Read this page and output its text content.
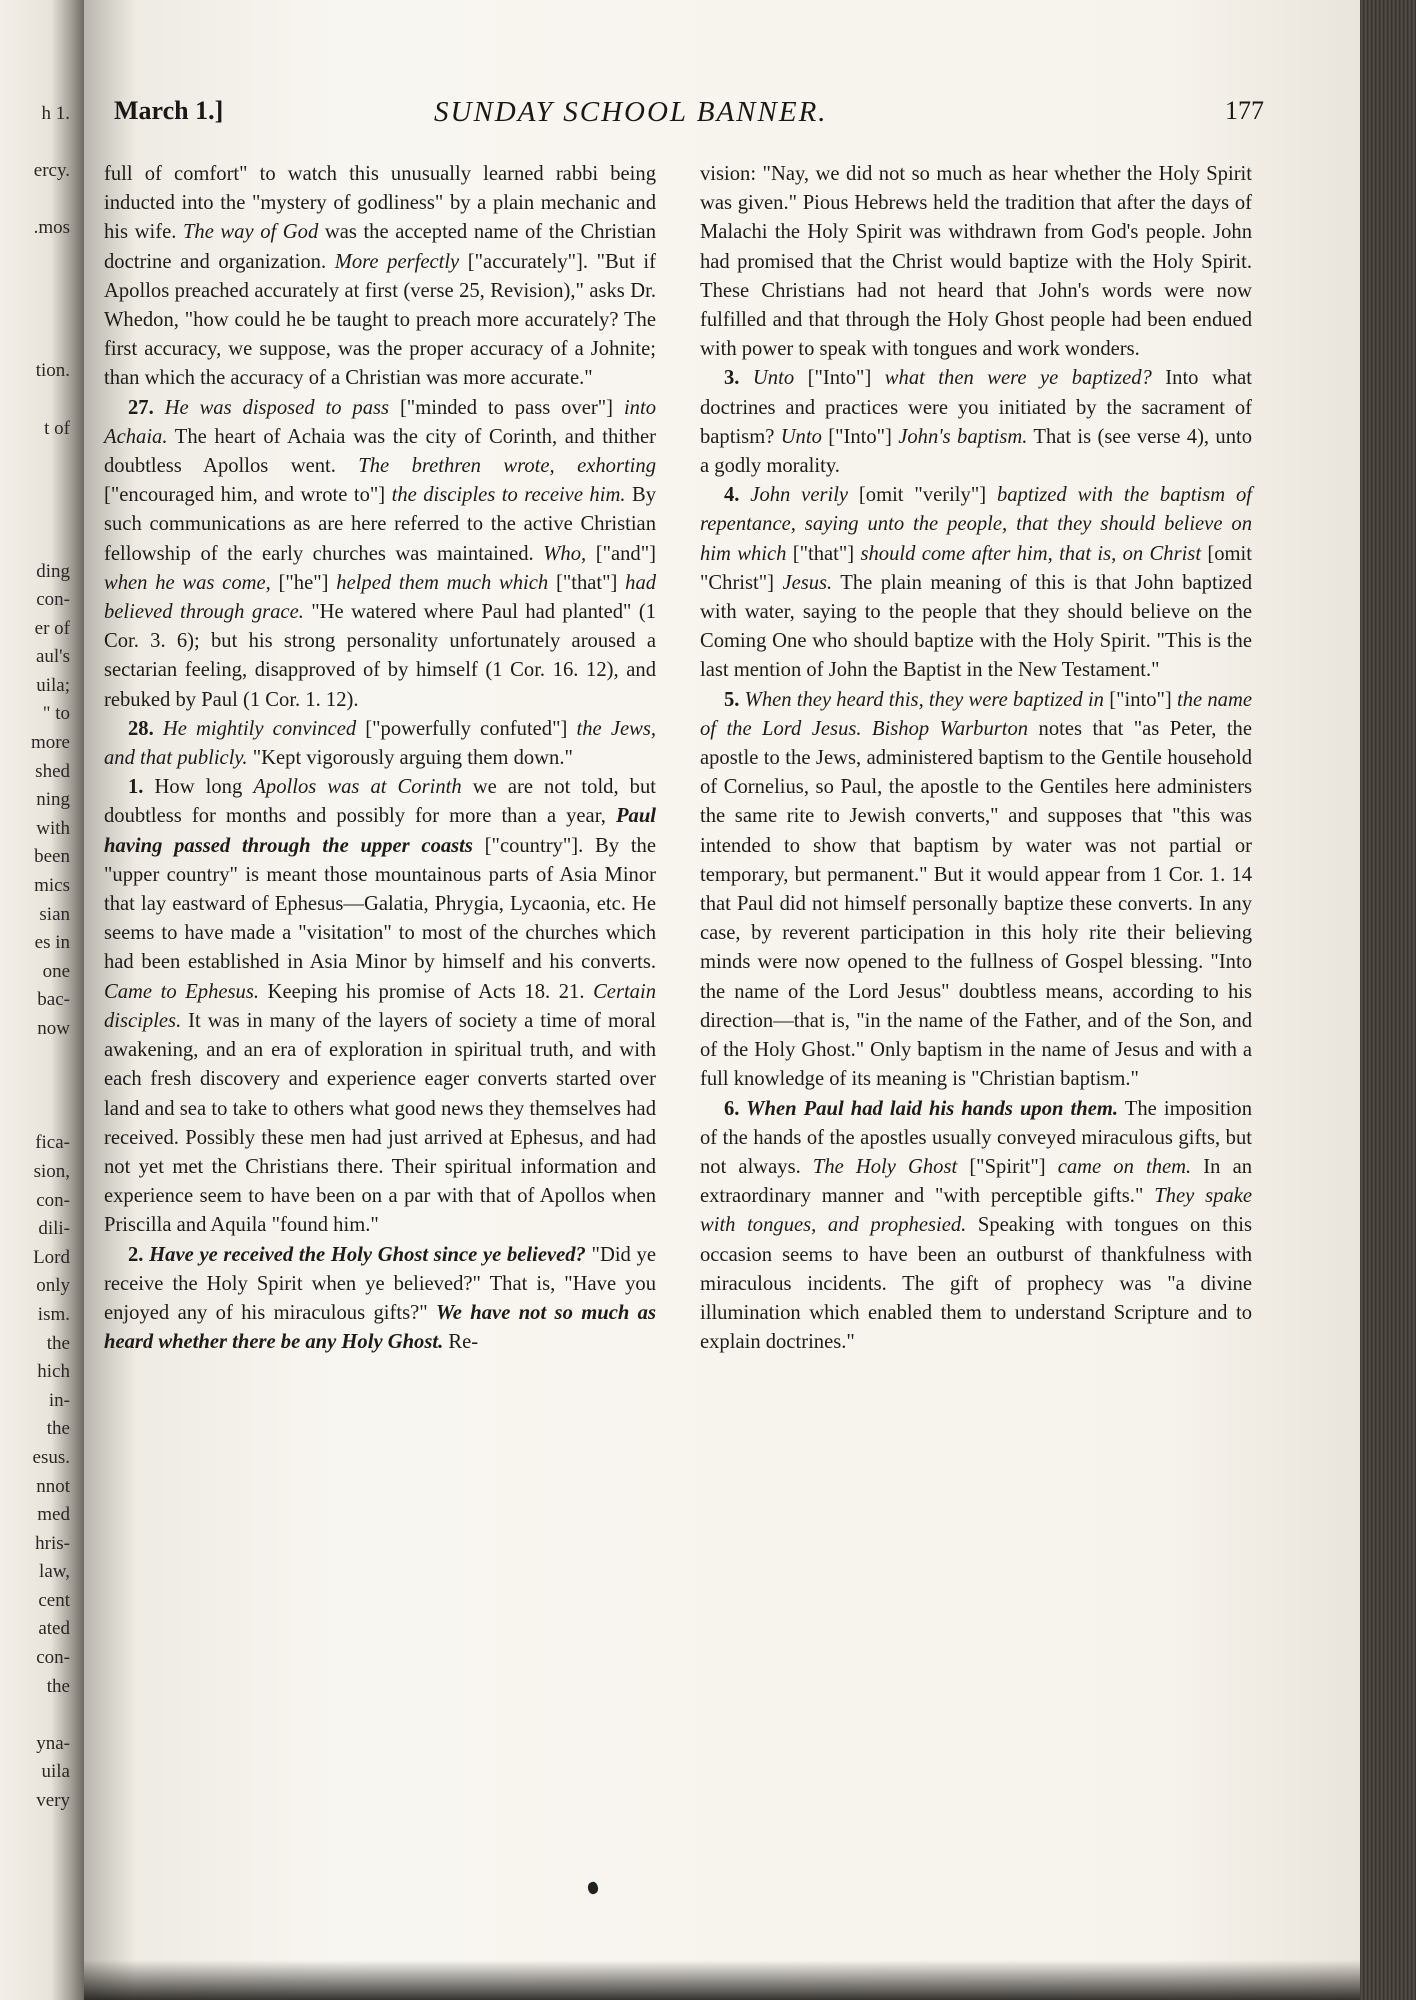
h 1.

ercy.

.mos

tion.

t of

ding
con-
er of
aul's
uila;
" to
more
shed
ning
with
been
mics
sian
es in
one
bac-
now

fica-
sion,
con-
dili-
Lord
only
ism.
the
hich
in-
the
esus.
nnot
med
hris-
law,
cent
ated
con-
the

yna-
uila
very
March 1.]	SUNDAY SCHOOL BANNER.	177

full of comfort" to watch this unusually learned rabbi being inducted into the "mystery of godliness" by a plain mechanic and his wife. The way of God was the accepted name of the Christian doctrine and organization. More perfectly ["accurately"]. "But if Apollos preached accurately at first (verse 25, Revision)," asks Dr. Whedon, "how could he be taught to preach more accurately? The first accuracy, we suppose, was the proper accuracy of a Johnite; than which the accuracy of a Christian was more accurate."

27. He was disposed to pass ["minded to pass over"] into Achaia. The heart of Achaia was the city of Corinth, and thither doubtless Apollos went. The brethren wrote, exhorting ["encouraged him, and wrote to"] the disciples to receive him. By such communications as are here referred to the active Christian fellowship of the early churches was maintained. Who, ["and"] when he was come, ["he"] helped them much which ["that"] had believed through grace. "He watered where Paul had planted" (1 Cor. 3. 6); but his strong personality unfortunately aroused a sectarian feeling, disapproved of by himself (1 Cor. 16. 12), and rebuked by Paul (1 Cor. 1. 12).

28. He mightily convinced ["powerfully confuted"] the Jews, and that publicly. "Kept vigorously arguing them down."

1. How long Apollos was at Corinth we are not told, but doubtless for months and possibly for more than a year, Paul having passed through the upper coasts ["country"]. By the "upper country" is meant those mountainous parts of Asia Minor that lay eastward of Ephesus—Galatia, Phrygia, Lycaonia, etc. He seems to have made a "visitation" to most of the churches which had been established in Asia Minor by himself and his converts. Came to Ephesus. Keeping his promise of Acts 18. 21. Certain disciples. It was in many of the layers of society a time of moral awakening, and an era of exploration in spiritual truth, and with each fresh discovery and experience eager converts started over land and sea to take to others what good news they themselves had received. Possibly these men had just arrived at Ephesus, and had not yet met the Christians there. Their spiritual information and experience seem to have been on a par with that of Apollos when Priscilla and Aquila "found him."

2. Have ye received the Holy Ghost since ye believed? "Did ye receive the Holy Spirit when ye believed?" That is, "Have you enjoyed any of his miraculous gifts?" We have not so much as heard whether there be any Holy Ghost. Re-

vision: "Nay, we did not so much as hear whether the Holy Spirit was given." Pious Hebrews held the tradition that after the days of Malachi the Holy Spirit was withdrawn from God's people. John had promised that the Christ would baptize with the Holy Spirit. These Christians had not heard that John's words were now fulfilled and that through the Holy Ghost people had been endued with power to speak with tongues and work wonders.

3. Unto ["Into"] what then were ye baptized? Into what doctrines and practices were you initiated by the sacrament of baptism? Unto ["Into"] John's baptism. That is (see verse 4), unto a godly morality.

4. John verily [omit "verily"] baptized with the baptism of repentance, saying unto the people, that they should believe on him which ["that"] should come after him, that is, on Christ [omit "Christ"] Jesus. The plain meaning of this is that John baptized with water, saying to the people that they should believe on the Coming One who should baptize with the Holy Spirit. "This is the last mention of John the Baptist in the New Testament."

5. When they heard this, they were baptized in ["into"] the name of the Lord Jesus. Bishop Warburton notes that "as Peter, the apostle to the Jews, administered baptism to the Gentile household of Cornelius, so Paul, the apostle to the Gentiles here administers the same rite to Jewish converts," and supposes that "this was intended to show that baptism by water was not partial or temporary, but permanent." But it would appear from 1 Cor. 1. 14 that Paul did not himself personally baptize these converts. In any case, by reverent participation in this holy rite their believing minds were now opened to the fullness of Gospel blessing. "Into the name of the Lord Jesus" doubtless means, according to his direction—that is, "in the name of the Father, and of the Son, and of the Holy Ghost." Only baptism in the name of Jesus and with a full knowledge of its meaning is "Christian baptism."

6. When Paul had laid his hands upon them. The imposition of the hands of the apostles usually conveyed miraculous gifts, but not always. The Holy Ghost ["Spirit"] came on them. In an extraordinary manner and "with perceptible gifts." They spake with tongues, and prophesied. Speaking with tongues on this occasion seems to have been an outburst of thankfulness with miraculous incidents. The gift of prophecy was "a divine illumination which enabled them to understand Scripture and to explain doctrines."
